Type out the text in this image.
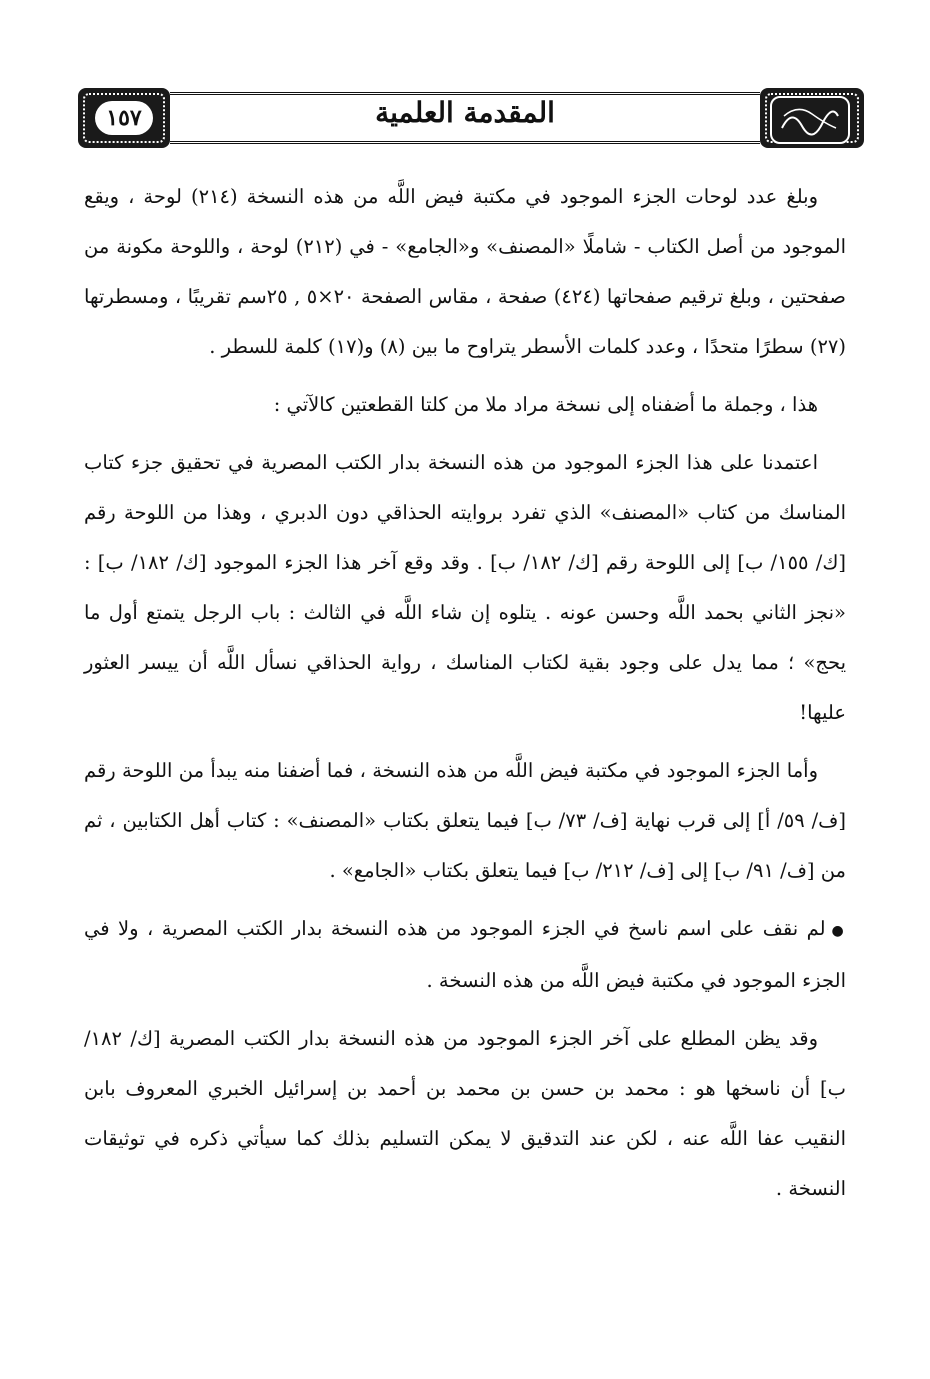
١٥٧	المقدمة العلمية

وبلغ عدد لوحات الجزء الموجود في مكتبة فيض اللَّه من هذه النسخة (٢١٤) لوحة ، ويقع الموجود من أصل الكتاب - شاملًا «المصنف» و«الجامع» - في (٢١٢) لوحة ، واللوحة مكونة من صفحتين ، وبلغ ترقيم صفحاتها (٤٢٤) صفحة ، مقاس الصفحة ٢٠×٥ , ٢٥سم تقريبًا ، ومسطرتها (٢٧) سطرًا متحدًا ، وعدد كلمات الأسطر يتراوح ما بين (٨) و(١٧) كلمة للسطر .

هذا ، وجملة ما أضفناه إلى نسخة مراد ملا من كلتا القطعتين كالآتي :

اعتمدنا على هذا الجزء الموجود من هذه النسخة بدار الكتب المصرية في تحقيق جزء كتاب المناسك من كتاب «المصنف» الذي تفرد بروايته الحذاقي دون الدبري ، وهذا من اللوحة رقم [ك/ ١٥٥/ ب] إلى اللوحة رقم [ك/ ١٨٢/ ب] . وقد وقع آخر هذا الجزء الموجود [ك/ ١٨٢/ ب] : «نجز الثاني بحمد اللَّه وحسن عونه . يتلوه إن شاء اللَّه في الثالث : باب الرجل يتمتع أول ما يحج» ؛ مما يدل على وجود بقية لكتاب المناسك ، رواية الحذاقي نسأل اللَّه أن ييسر العثور عليها!

وأما الجزء الموجود في مكتبة فيض اللَّه من هذه النسخة ، فما أضفنا منه يبدأ من اللوحة رقم [ف/ ٥٩/ أ] إلى قرب نهاية [ف/ ٧٣/ ب] فيما يتعلق بكتاب «المصنف» : كتاب أهل الكتابين ، ثم من [ف/ ٩١/ ب] إلى [ف/ ٢١٢/ ب] فيما يتعلق بكتاب «الجامع» .

● لم نقف على اسم ناسخ في الجزء الموجود من هذه النسخة بدار الكتب المصرية ، ولا في الجزء الموجود في مكتبة فيض اللَّه من هذه النسخة .

وقد يظن المطلع على آخر الجزء الموجود من هذه النسخة بدار الكتب المصرية [ك/ ١٨٢/ ب] أن ناسخها هو : محمد بن حسن بن محمد بن أحمد بن إسرائيل الخبري المعروف بابن النقيب عفا اللَّه عنه ، لكن عند التدقيق لا يمكن التسليم بذلك كما سيأتي ذكره في توثيقات النسخة .
